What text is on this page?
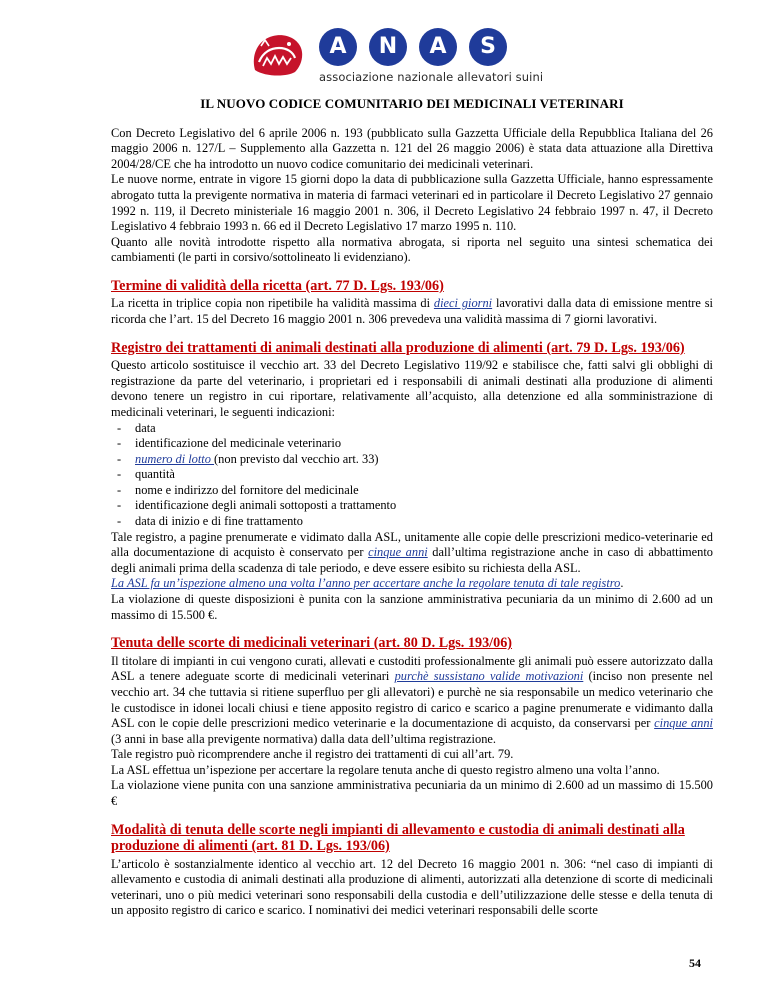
A	N	A	S
associazione nazionale allevatori suini
IL NUOVO CODICE COMUNITARIO DEI MEDICINALI VETERINARI

Con Decreto Legislativo del 6 aprile 2006 n. 193 (pubblicato sulla Gazzetta Ufficiale della Repubblica Italiana del 26 maggio 2006 n. 127/L – Supplemento alla Gazzetta n. 121 del 26 maggio 2006) è stata data attuazione alla Direttiva 2004/28/CE che ha introdotto un nuovo codice comunitario dei medicinali veterinari.

Le nuove norme, entrate in vigore 15 giorni dopo la data di pubblicazione sulla Gazzetta Ufficiale, hanno espressamente abrogato tutta la previgente normativa in materia di farmaci veterinari ed in particolare il Decreto Legislativo 27 gennaio 1992 n. 119, il Decreto ministeriale 16 maggio 2001 n. 306, il Decreto Legislativo 24 febbraio 1997 n. 47, il Decreto Legislativo 4 febbraio 1993 n. 66 ed il Decreto Legislativo 17 marzo 1995 n. 110.

Quanto alle novità introdotte rispetto alla normativa abrogata, si riporta nel seguito una sintesi schematica dei cambiamenti (le parti in corsivo/sottolineato li evidenziano).

Termine di validità della ricetta (art. 77 D. Lgs. 193/06)

La ricetta in triplice copia non ripetibile ha validità massima di dieci giorni lavorativi dalla data di emissione mentre si ricorda che l’art. 15 del Decreto 16 maggio 2001 n. 306 prevedeva una validità massima di 7 giorni lavorativi.

Registro dei trattamenti di animali destinati alla produzione di alimenti (art. 79 D. Lgs. 193/06)

Questo articolo sostituisce il vecchio art. 33 del Decreto Legislativo 119/92 e stabilisce che, fatti salvi gli obblighi di registrazione da parte del veterinario, i proprietari ed i responsabili di animali destinati alla produzione di alimenti devono tenere un registro in cui riportare, relativamente all’acquisto, alla detenzione ed alla somministrazione di medicinali veterinari, le seguenti indicazioni:

- data
- identificazione del medicinale veterinario
- numero di lotto (non previsto dal vecchio art. 33)
- quantità
- nome e indirizzo del fornitore del medicinale
- identificazione degli animali sottoposti a trattamento
- data di inizio e di fine trattamento

Tale registro, a pagine prenumerate e vidimato dalla ASL, unitamente alle copie delle prescrizioni medico-veterinarie ed alla documentazione di acquisto è conservato per cinque anni dall’ultima registrazione anche in caso di abbattimento degli animali prima della scadenza di tale periodo, e deve essere esibito su richiesta della ASL.

La ASL fa un’ispezione almeno una volta l’anno per accertare anche la regolare tenuta di tale registro.

La violazione di queste disposizioni è punita con la sanzione amministrativa pecuniaria da un minimo di 2.600 ad un massimo di 15.500 €.

Tenuta delle scorte di medicinali veterinari (art. 80 D. Lgs. 193/06)

Il titolare di impianti in cui vengono curati, allevati e custoditi professionalmente gli animali può essere autorizzato dalla ASL a tenere adeguate scorte di medicinali veterinari purchè sussistano valide motivazioni (inciso non presente nel vecchio art. 34 che tuttavia si ritiene superfluo per gli allevatori) e purchè ne sia responsabile un medico veterinario che le custodisce in idonei locali chiusi e tiene apposito registro di carico e scarico a pagine prenumerate e vidimanto dalla ASL con le copie delle prescrizioni medico veterinarie e la documentazione di acquisto, da conservarsi per cinque anni (3 anni in base alla previgente normativa) dalla data dell’ultima registrazione.

Tale registro può ricomprendere anche il registro dei trattamenti di cui all’art. 79.

La ASL effettua un’ispezione per accertare la regolare tenuta anche di questo registro almeno una volta l’anno.

La violazione viene punita con una sanzione amministrativa pecuniaria da un minimo di 2.600 ad un massimo di 15.500 €

Modalità di tenuta delle scorte negli impianti di allevamento e custodia di animali destinati alla produzione di alimenti (art. 81 D. Lgs. 193/06)

L’articolo è sostanzialmente identico al vecchio art. 12 del Decreto 16 maggio 2001 n. 306: “nel caso di impianti di allevamento e custodia di animali destinati alla produzione di alimenti, autorizzati alla detenzione di scorte di medicinali veterinari, uno o più medici veterinari sono responsabili della custodia e dell’utilizzazione delle stesse e della tenuta di un apposito registro di carico e scarico. I nominativi dei medici veterinari responsabili delle scorte

54
